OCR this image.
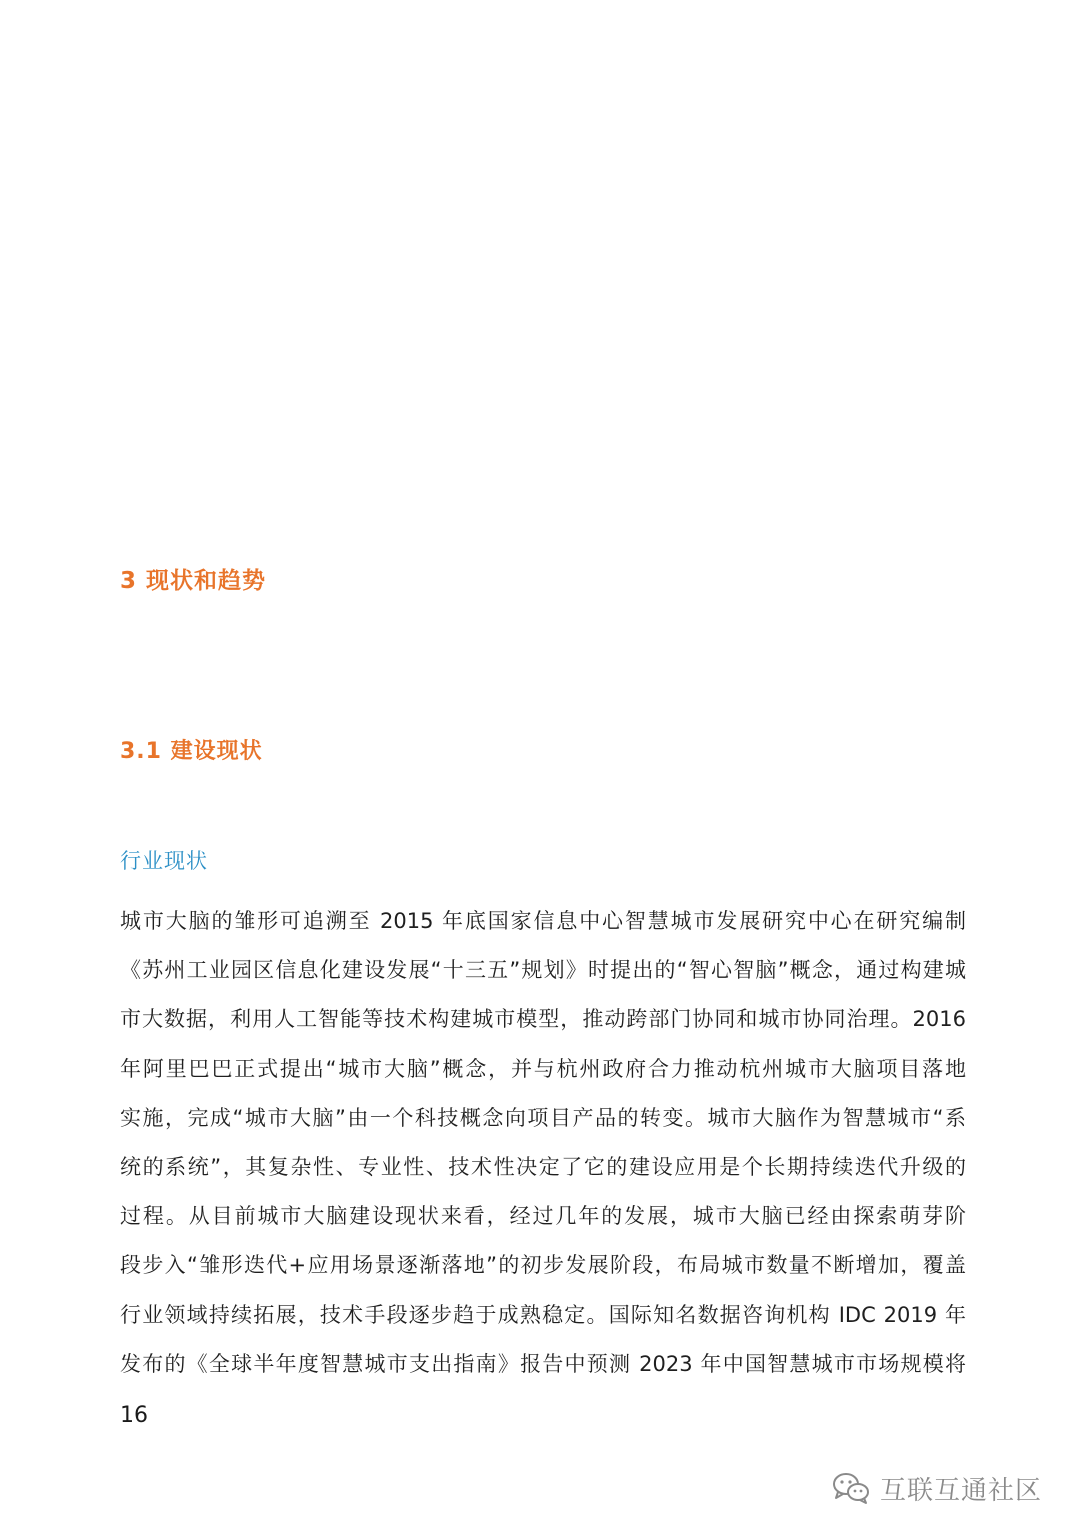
3 现状和趋势
3.1 建设现状
行业现状
城市大脑的雏形可追溯至 2015 年底国家信息中心智慧城市发展研究中心在研究编制
《苏州工业园区信息化建设发展“十三五”规划》时提出的“智心智脑”概念，通过构建城
市大数据，利用人工智能等技术构建城市模型，推动跨部门协同和城市协同治理。2016
年阿里巴巴正式提出“城市大脑”概念，并与杭州政府合力推动杭州城市大脑项目落地
实施，完成“城市大脑”由一个科技概念向项目产品的转变。城市大脑作为智慧城市“系
统的系统”，其复杂性、专业性、技术性决定了它的建设应用是个长期持续迭代升级的
过程。从目前城市大脑建设现状来看，经过几年的发展，城市大脑已经由探索萌芽阶
段步入“雏形迭代+应用场景逐渐落地”的初步发展阶段，布局城市数量不断增加，覆盖
行业领域持续拓展，技术手段逐步趋于成熟稳定。国际知名数据咨询机构 IDC 2019 年
发布的《全球半年度智慧城市支出指南》报告中预测 2023 年中国智慧城市市场规模将
16
互联互通社区
